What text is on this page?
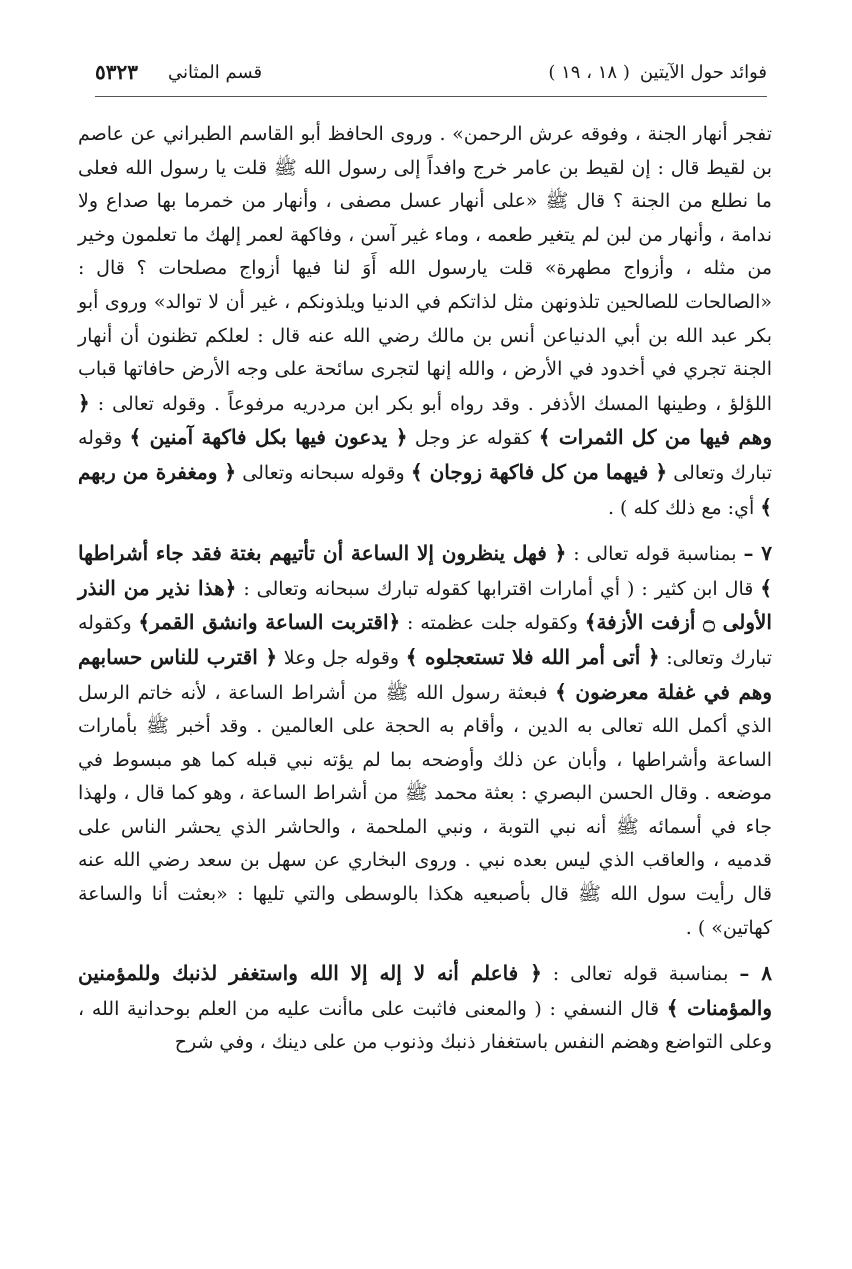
فوائد حول الآيتين
( ١٨ ، ١٩ )
قسم المثاني
٥٣٢٣

تفجر أنهار الجنة ، وفوقه عرش الرحمن» . وروى الحافظ أبو القاسم الطبراني عن عاصم بن لقيط قال : إن لقيط بن عامر خرج وافداً إلى رسول الله ﷺ قلت يا رسول الله فعلى ما نطلع من الجنة ؟ قال ﷺ «على أنهار عسل مصفى ، وأنهار من خمرما بها صداع ولا ندامة ، وأنهار من لبن لم يتغير طعمه ، وماء غير آسن ، وفاكهة لعمر إلهك ما تعلمون وخير من مثله ، وأزواج مطهرة» قلت يارسول الله أَوَ لنا فيها أزواج مصلحات ؟ قال : «الصالحات للصالحين تلذونهن مثل لذاتكم في الدنيا ويلذونكم ، غير أن لا توالد» وروى أبو بكر عبد الله بن أبي الدنياعن أنس بن مالك رضي الله عنه قال : لعلكم تظنون أن أنهار الجنة تجري في أخدود في الأرض ، والله إنها لتجرى سائحة على وجه الأرض حافاتها قباب اللؤلؤ ، وطينها المسك الأذفر . وقد رواه أبو بكر ابن مردريه مرفوعاً . وقوله تعالى : ﴿ وهم فيها من كل الثمرات ﴾ كقوله عز وجل ﴿ يدعون فيها بكل فاكهة آمنين ﴾ وقوله تبارك وتعالى ﴿ فيهما من كل فاكهة زوجان ﴾ وقوله سبحانه وتعالى ﴿ ومغفرة من ربهم ﴾ أي: مع ذلك كله ) .

٧ – بمناسبة قوله تعالى : ﴿ فهل ينظرون إلا الساعة أن تأتيهم بغتة فقد جاء أشراطها ﴾ قال ابن كثير : ( أي أمارات اقترابها كقوله تبارك سبحانه وتعالى : ﴿هذا نذير من النذر الأولى ۝ أزفت الأزفة﴾ وكقوله جلت عظمته : ﴿اقتربت الساعة وانشق القمر﴾ وكقوله تبارك وتعالى: ﴿ أتى أمر الله فلا تستعجلوه ﴾ وقوله جل وعلا ﴿ اقترب للناس حسابهم وهم في غفلة معرضون ﴾ فبعثة رسول الله ﷺ من أشراط الساعة ، لأنه خاتم الرسل الذي أكمل الله تعالى به الدين ، وأقام به الحجة على العالمين . وقد أخبر ﷺ بأمارات الساعة وأشراطها ، وأبان عن ذلك وأوضحه بما لم يؤته نبي قبله كما هو مبسوط في موضعه . وقال الحسن البصري : بعثة محمد ﷺ من أشراط الساعة ، وهو كما قال ، ولهذا جاء في أسمائه ﷺ أنه نبي التوبة ، ونبي الملحمة ، والحاشر الذي يحشر الناس على قدميه ، والعاقب الذي ليس بعده نبي . وروى البخاري عن سهل بن سعد رضي الله عنه قال رأيت سول الله ﷺ قال بأصبعيه هكذا بالوسطى والتي تليها : «بعثت أنا والساعة كهاتين» ) .

٨ – بمناسبة قوله تعالى : ﴿ فاعلم أنه لا إله إلا الله واستغفر لذنبك وللمؤمنين والمؤمنات ﴾ قال النسفي : ( والمعنى فاثبت على ماأنت عليه من العلم بوحدانية الله ، وعلى التواضع وهضم النفس باستغفار ذنبك وذنوب من على دينك ، وفي شرح
